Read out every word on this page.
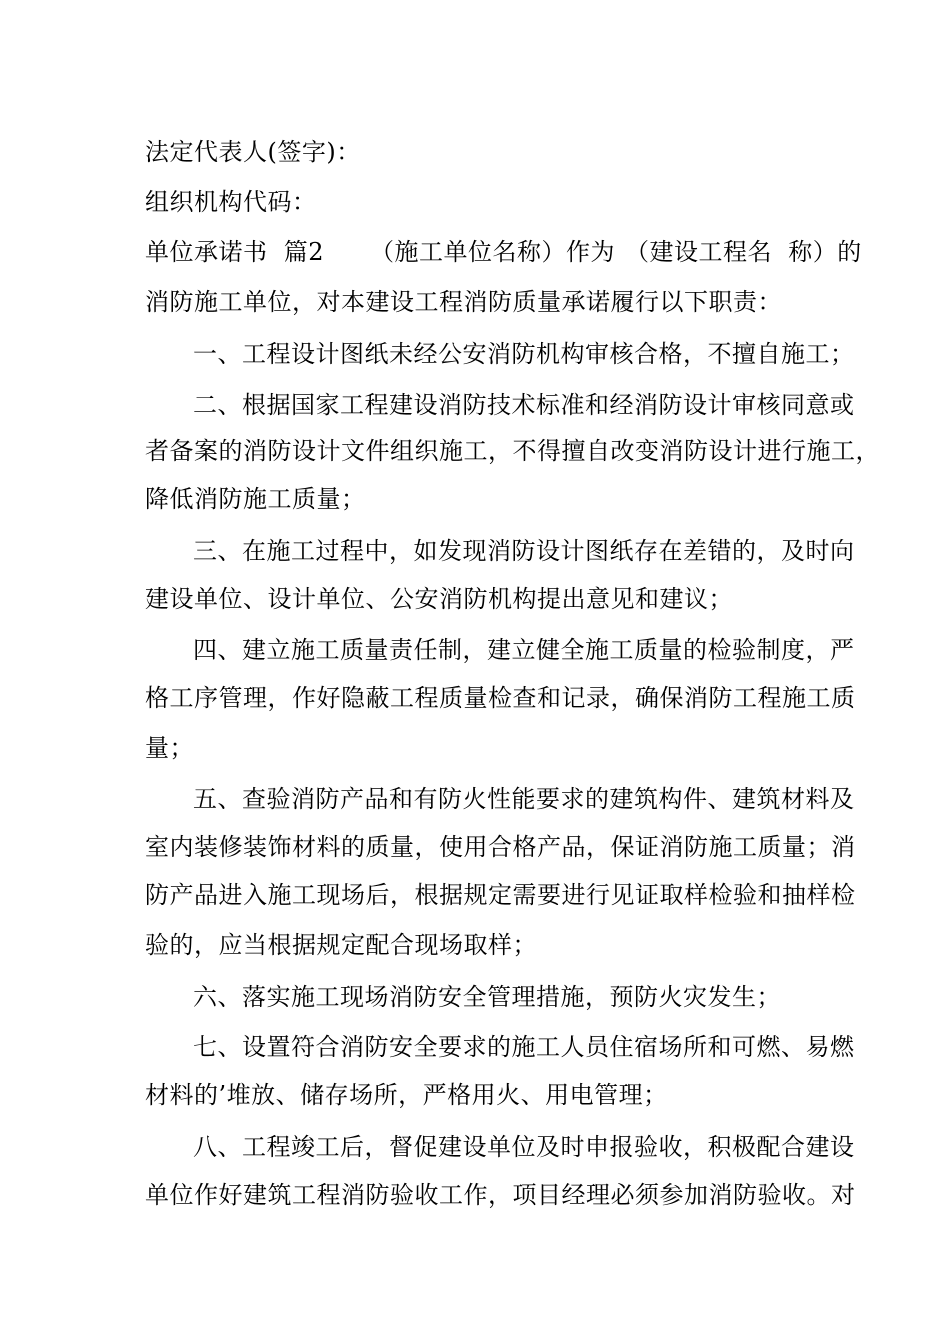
法定代表人(签字)：
组织机构代码：
单位承诺书  篇2 （施工单位名称）作为 （建设工程名  称）的
消防施工单位，对本建设工程消防质量承诺履行以下职责：
一、工程设计图纸未经公安消防机构审核合格，不擅自施工；
二、根据国家工程建设消防技术标准和经消防设计审核同意或
者备案的消防设计文件组织施工，不得擅自改变消防设计进行施工，
降低消防施工质量；
三、在施工过程中，如发现消防设计图纸存在差错的，及时向
建设单位、设计单位、公安消防机构提出意见和建议；
四、建立施工质量责任制，建立健全施工质量的检验制度，严
格工序管理，作好隐蔽工程质量检查和记录，确保消防工程施工质
量；
五、查验消防产品和有防火性能要求的建筑构件、建筑材料及
室内装修装饰材料的质量，使用合格产品，保证消防施工质量；消
防产品进入施工现场后，根据规定需要进行见证取样检验和抽样检
验的，应当根据规定配合现场取样；
六、落实施工现场消防安全管理措施，预防火灾发生；
七、设置符合消防安全要求的施工人员住宿场所和可燃、易燃
材料的’堆放、储存场所，严格用火、用电管理；
八、工程竣工后，督促建设单位及时申报验收，积极配合建设
单位作好建筑工程消防验收工作，项目经理必须参加消防验收。对
